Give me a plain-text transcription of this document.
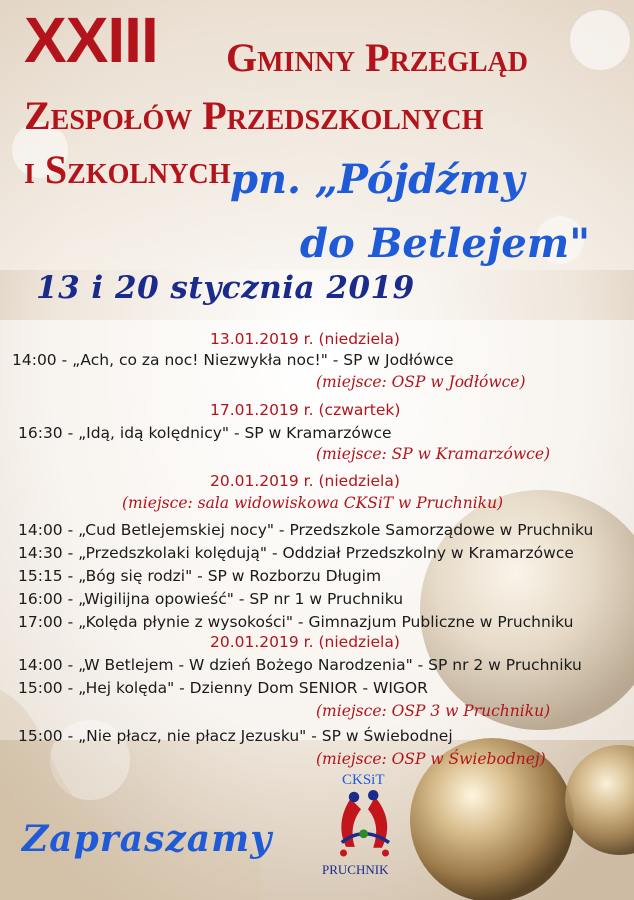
XXIII Gminny Przegląd
Zespołów Przedszkolnych
i Szkolnych pn. „Pójdźmy
do Betlejem"
13 i 20 stycznia 2019
13.01.2019 r. (niedziela)
14:00 - „Ach, co za noc! Niezwykła noc!" - SP w Jodłówce
(miejsce: OSP w Jodłówce)
17.01.2019 r. (czwartek)
16:30 - „Idą, idą kolędnicy" - SP w Kramarzówce
(miejsce: SP w Kramarzówce)
20.01.2019 r. (niedziela)
(miejsce: sala widowiskowa CKSiT w Pruchniku)
14:00 - „Cud Betlejemskiej nocy" - Przedszkole Samorządowe w Pruchniku
14:30 - „Przedszkolaki kolędują" - Oddział Przedszkolny w Kramarzówce
15:15 - „Bóg się rodzi" - SP w Rozborzu Długim
16:00 - „Wigilijna opowieść" - SP nr 1 w Pruchniku
17:00 - „Kolęda płynie z wysokości" - Gimnazjum Publiczne w Pruchniku
20.01.2019 r. (niedziela)
14:00 - „W Betlejem - W dzień Bożego Narodzenia" - SP nr 2 w Pruchniku
15:00 - „Hej kolęda" - Dzienny Dom SENIOR - WIGOR
(miejsce: OSP 3 w Pruchniku)
15:00 - „Nie płacz, nie płacz Jezusku" - SP w Świebodnej
(miejsce: OSP w Świebodnej)
Zapraszamy
CKSiT
PRUCHNIK
